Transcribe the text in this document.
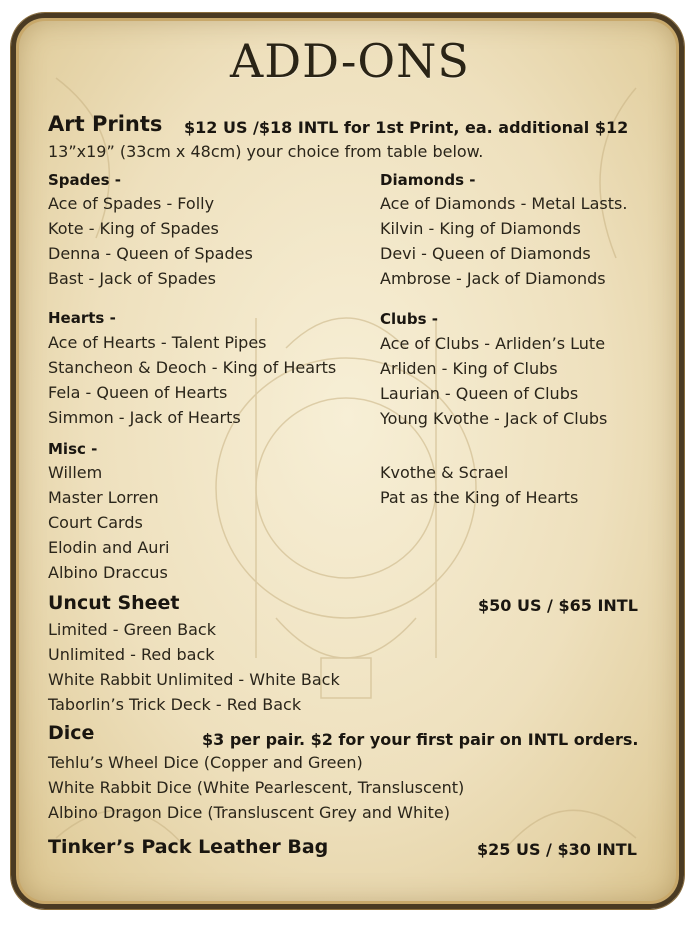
ADD-ONS
Art Prints $12 US /$18 INTL for 1st Print, ea. additional $12
13”x19” (33cm x 48cm) your choice from table below.
Spades -
Ace of Spades - Folly
Kote - King of Spades
Denna - Queen of Spades
Bast - Jack of Spades
Diamonds -
Ace of Diamonds - Metal Lasts.
Kilvin - King of Diamonds
Devi - Queen of Diamonds
Ambrose - Jack of Diamonds
Hearts -
Ace of Hearts - Talent Pipes
Stancheon & Deoch - King of Hearts
Fela - Queen of Hearts
Simmon - Jack of Hearts
Clubs -
Ace of Clubs - Arliden’s Lute
Arliden - King of Clubs
Laurian - Queen of Clubs
Young Kvothe - Jack of Clubs
Misc -
Willem
Master Lorren
Court Cards
Elodin and Auri
Albino Draccus
Kvothe & Scrael
Pat as the King of Hearts
Uncut Sheet	$50 US / $65 INTL
Limited - Green Back
Unlimited - Red back
White Rabbit Unlimited - White Back
Taborlin’s Trick Deck - Red Back
Dice	$3 per pair. $2 for your first pair on INTL orders.
Tehlu’s Wheel Dice (Copper and Green)
White Rabbit Dice (White Pearlescent, Transluscent)
Albino Dragon Dice (Transluscent Grey and White)
Tinker’s Pack Leather Bag	$25 US / $30 INTL
